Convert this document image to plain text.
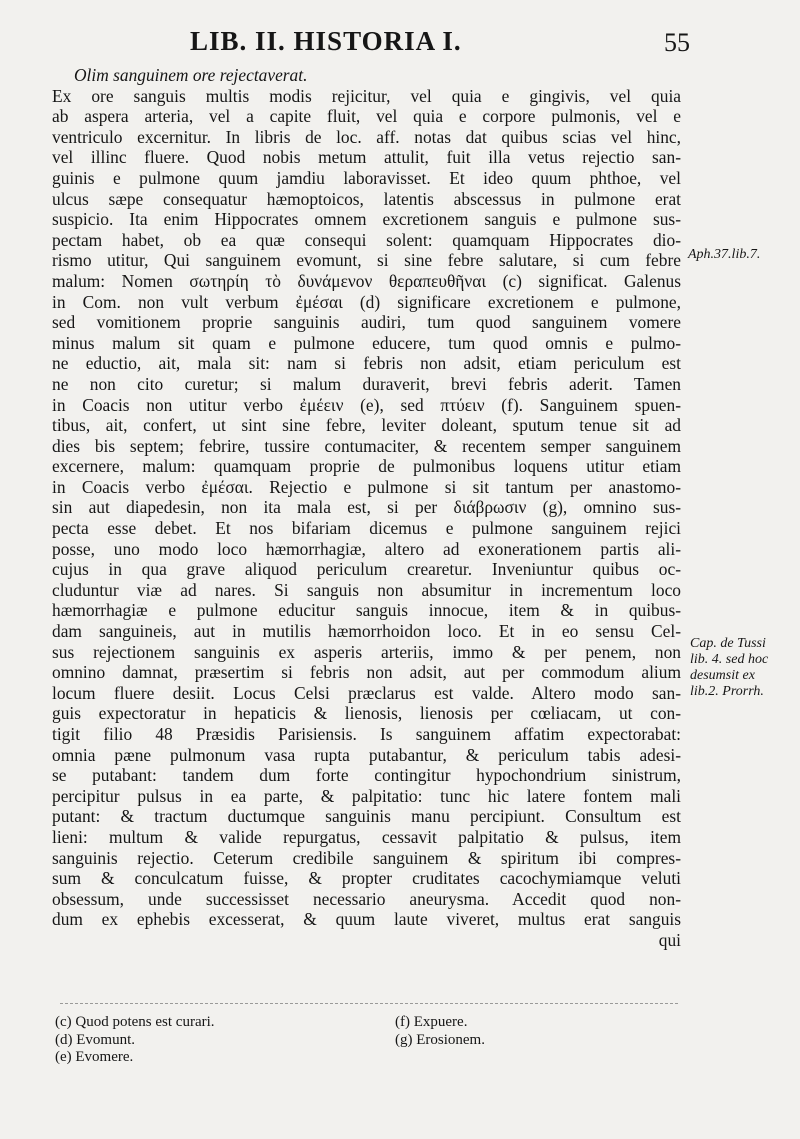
LIB. II. HISTORIA I.	55
Olim sanguinem ore rejectaverat.
Ex ore sanguis multis modis rejicitur, vel quia e gingivis, vel quia
ab aspera arteria, vel a capite fluit, vel quia e corpore pulmonis, vel e
ventriculo excernitur. In libris de loc. aff. notas dat quibus scias vel hinc,
vel illinc fluere. Quod nobis metum attulit, fuit illa vetus rejectio san-
guinis e pulmone quum jamdiu laboravisset. Et ideo quum phthoe, vel
ulcus sæpe consequatur hæmoptoicos, latentis abscessus in pulmone erat
suspicio. Ita enim Hippocrates omnem excretionem sanguis e pulmone sus-
pectam habet, ob ea quæ consequi solent: quamquam Hippocrates dio-
rismo utitur, Qui sanguinem evomunt, si sine febre salutare, si cum febre
malum: Nomen σωτηρίη τὸ δυνάμενον θεραπευθῆναι (c) significat. Galenus
in Com. non vult verbum ἐμέσαι (d) significare excretionem e pulmone,
sed vomitionem proprie sanguinis audiri, tum quod sanguinem vomere
minus malum sit quam e pulmone educere, tum quod omnis e pulmo-
ne eductio, ait, mala sit: nam si febris non adsit, etiam periculum est
ne non cito curetur; si malum duraverit, brevi febris aderit. Tamen
in Coacis non utitur verbo ἐμέειν (e), sed πτύειν (f). Sanguinem spuen-
tibus, ait, confert, ut sint sine febre, leviter doleant, sputum tenue sit ad
dies bis septem; febrire, tussire contumaciter, & recentem semper sanguinem
excernere, malum: quamquam proprie de pulmonibus loquens utitur etiam
in Coacis verbo ἐμέσαι. Rejectio e pulmone si sit tantum per anastomo-
sin aut diapedesin, non ita mala est, si per διάβρωσιν (g), omnino sus-
pecta esse debet. Et nos bifariam dicemus e pulmone sanguinem rejici
posse, uno modo loco hæmorrhagiæ, altero ad exonerationem partis ali-
cujus in qua grave aliquod periculum crearetur. Inveniuntur quibus oc-
cluduntur viæ ad nares. Si sanguis non absumitur in incrementum loco
hæmorrhagiæ e pulmone educitur sanguis innocue, item & in quibus-
dam sanguineis, aut in mutilis hæmorrhoidon loco. Et in eo sensu Cel-
sus rejectionem sanguinis ex asperis arteriis, immo & per penem, non
omnino damnat, præsertim si febris non adsit, aut per commodum alium
locum fluere desiit. Locus Celsi præclarus est valde. Altero modo san-
guis expectoratur in hepaticis & lienosis, lienosis per cœliacam, ut con-
tigit filio 48 Præsidis Parisiensis. Is sanguinem affatim expectorabat:
omnia pæne pulmonum vasa rupta putabantur, & periculum tabis adesi-
se putabant: tandem dum forte contingitur hypochondrium sinistrum,
percipitur pulsus in ea parte, & palpitatio: tunc hic latere fontem mali
putant: & tractum ductumque sanguinis manu percipiunt. Consultum est
lieni: multum & valide repurgatus, cessavit palpitatio & pulsus, item
sanguinis rejectio. Ceterum credibile sanguinem & spiritum ibi compres-
sum & conculcatum fuisse, & propter cruditates cacochymiamque veluti
obsessum, unde successisset necessario aneurysma. Accedit quod non-
dum ex ephebis excesserat, & quum laute viveret, multus erat sanguis
qui
Aph.37.lib.7.
Cap. de Tussi
lib. 4. sed hoc
desumsit ex
lib.2. Prorrh.
(c) Quod potens est curari.
(d) Evomunt.
(e) Evomere.
(f) Expuere.
(g) Erosionem.
